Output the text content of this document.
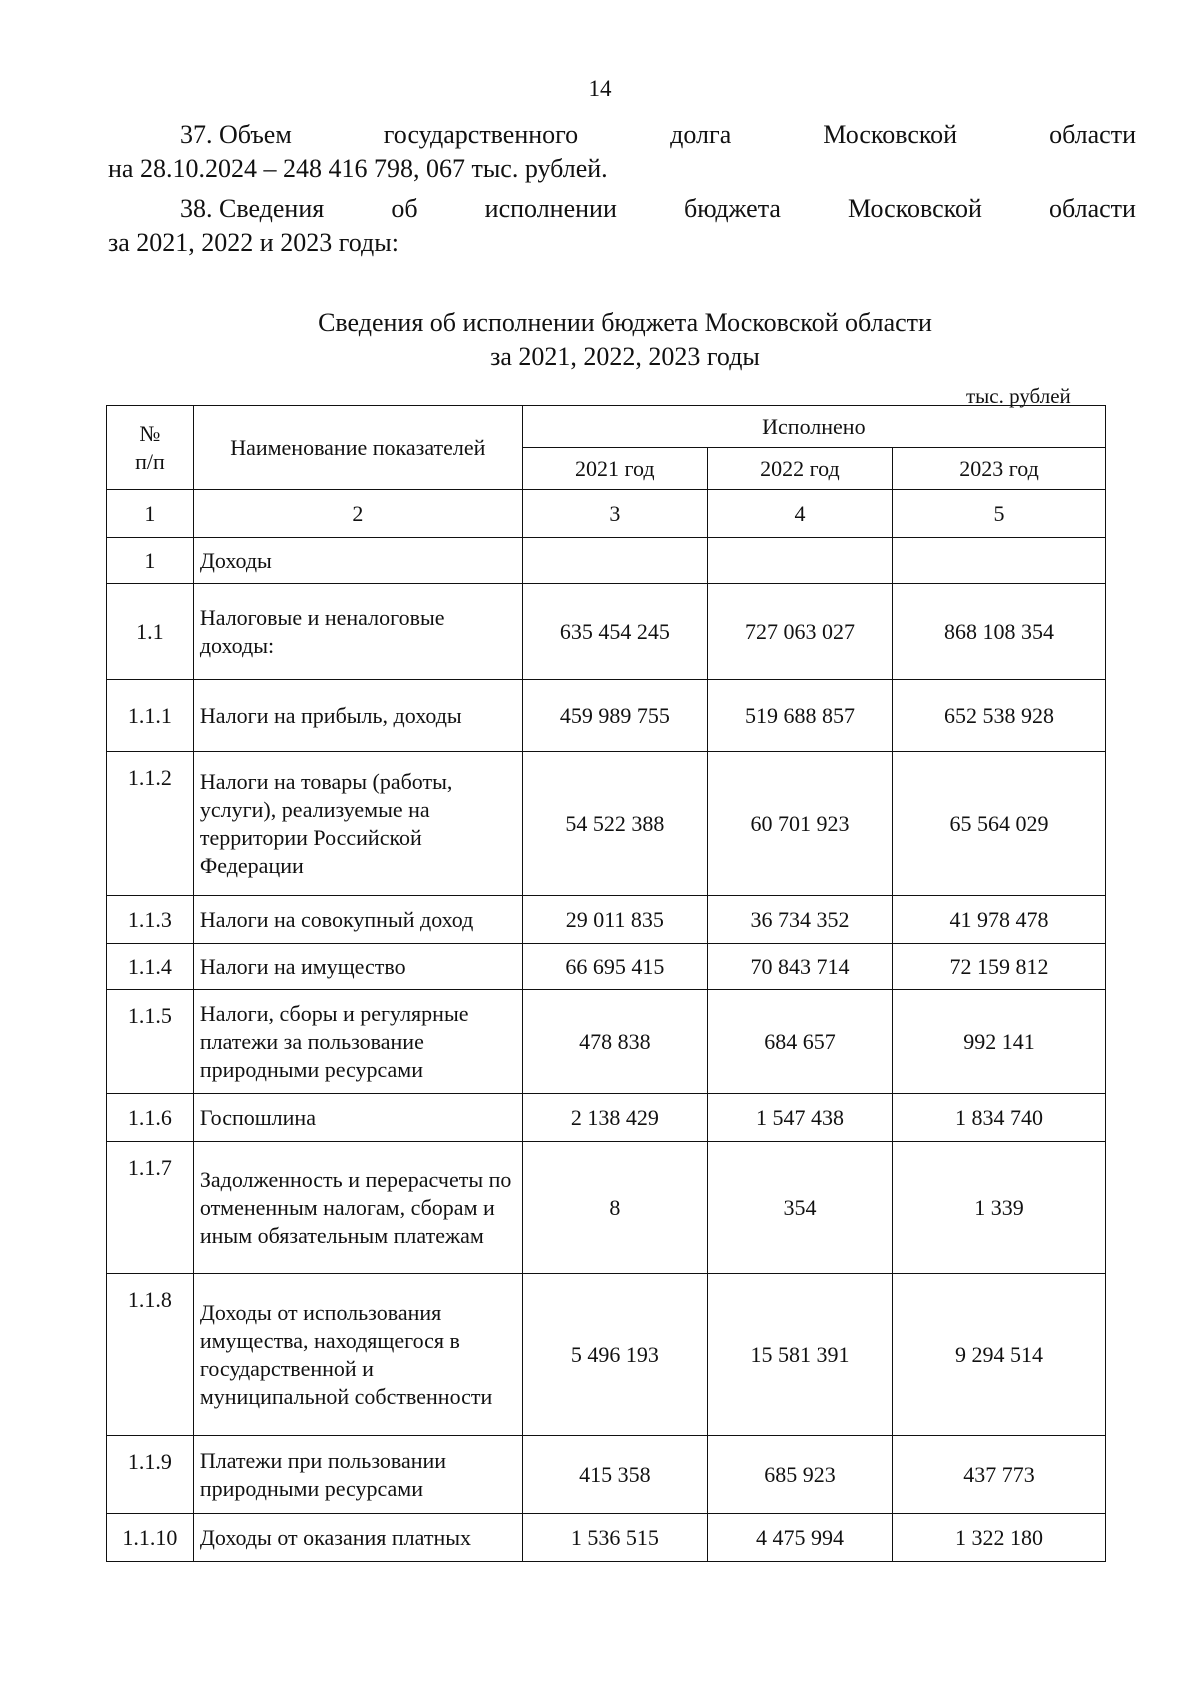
14
37. Объем	государственного	долга	Московской	области
на 28.10.2024 – 248 416 798, 067 тыс. рублей.
38. Сведения	об	исполнении	бюджета	Московской	области
за 2021, 2022 и 2023 годы:
Сведения об исполнении бюджета Московской области
за 2021, 2022, 2023 годы
тыс. рублей
№
п/п	Наименование показателей	Исполнено		
		2021 год	2022 год	2023 год
1	2	3	4	5
1	Доходы			
1.1	Налоговые и неналоговые доходы:	635 454 245	727 063 027	868 108 354
1.1.1	Налоги на прибыль, доходы	459 989 755	519 688 857	652 538 928
1.1.2	Налоги на товары (работы, услуги), реализуемые на территории Российской Федерации	54 522 388	60 701 923	65 564 029
1.1.3	Налоги на совокупный доход	29 011 835	36 734 352	41 978 478
1.1.4	Налоги на имущество	66 695 415	70 843 714	72 159 812
1.1.5	Налоги, сборы и регулярные платежи за пользование природными ресурсами	478 838	684 657	992 141
1.1.6	Госпошлина	2 138 429	1 547 438	1 834 740
1.1.7	Задолженность и перерасчеты по отмененным налогам, сборам и иным обязательным платежам	8	354	1 339
1.1.8	Доходы от использования имущества, находящегося в государственной и муниципальной собственности	5 496 193	15 581 391	9 294 514
1.1.9	Платежи при пользовании природными ресурсами	415 358	685 923	437 773
1.1.10	Доходы от оказания платных	1 536 515	4 475 994	1 322 180
